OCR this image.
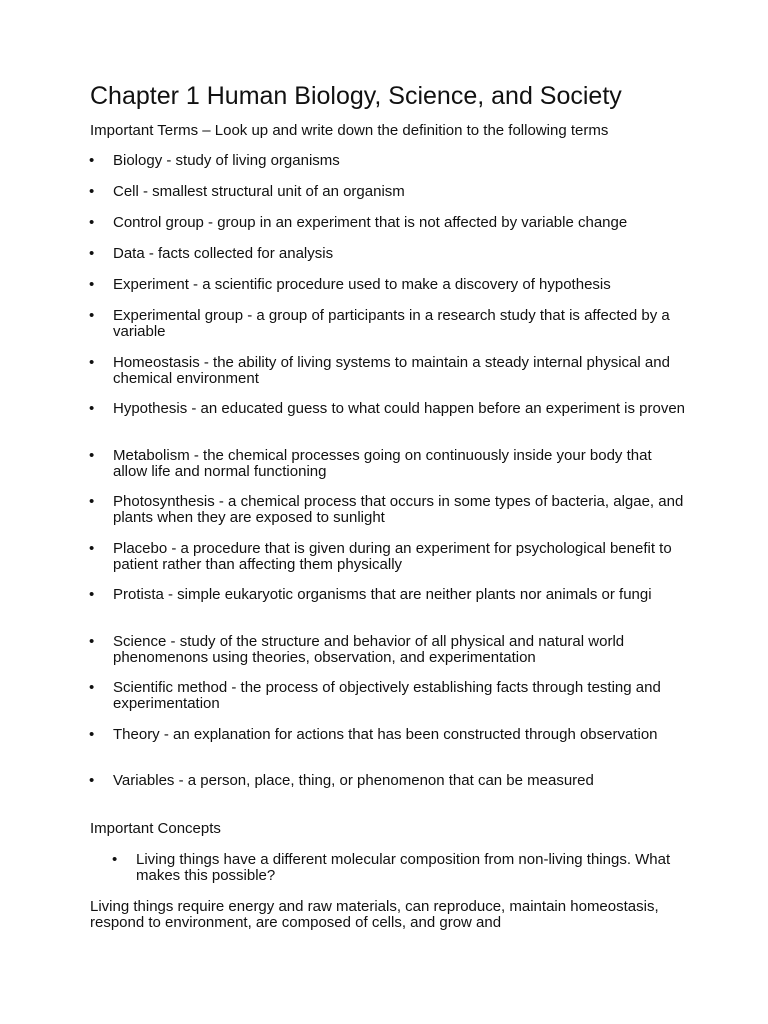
Chapter 1 Human Biology, Science, and Society
Important Terms – Look up and write down the definition to the following terms
•	Biology - study of living organisms
•	Cell - smallest structural unit of an organism
•	Control group - group in an experiment that is not affected by variable change
•	Data - facts collected for analysis
•	Experiment - a scientific procedure used to make a discovery of hypothesis
•	Experimental group - a group of participants in a research study that is affected by a variable
•	Homeostasis - the ability of living systems to maintain a steady internal physical and chemical environment
•	Hypothesis - an educated guess to what could happen before an experiment is proven
•	Metabolism - the chemical processes going on continuously inside your body that allow life and normal functioning
•	Photosynthesis - a chemical process that occurs in some types of bacteria, algae, and plants when they are exposed to sunlight
•	Placebo - a procedure that is given during an experiment for psychological benefit to patient rather than affecting them physically
•	Protista - simple eukaryotic organisms that are neither plants nor animals or fungi
•	Science - study of the structure and behavior of all physical and natural world phenomenons using theories, observation, and experimentation
•	Scientific method - the process of objectively establishing facts through testing and experimentation
•	Theory - an explanation for actions that has been constructed through observation
•	Variables - a person, place, thing, or phenomenon that can be measured
Important Concepts
• Living things have a different molecular composition from non-living things. What makes this possible?
Living things require energy and raw materials, can reproduce, maintain homeostasis, respond to environment, are composed of cells, and grow and
